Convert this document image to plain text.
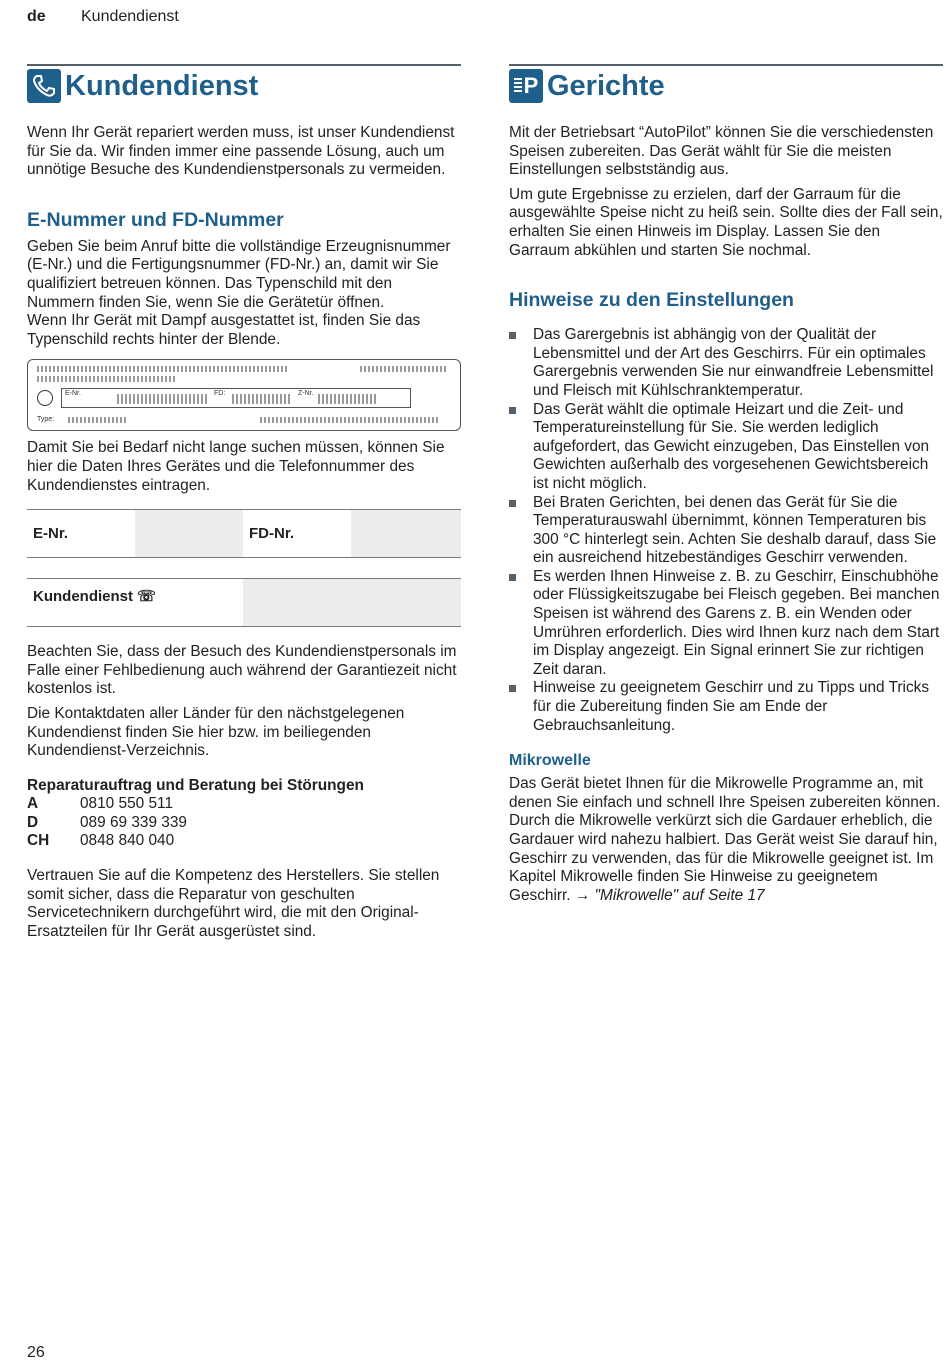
de Kundendienst
Kundendienst

Wenn Ihr Gerät repariert werden muss, ist unser Kundendienst für Sie da. Wir finden immer eine passende Lösung, auch um unnötige Besuche des Kundendienstpersonals zu vermeiden.

E-Nummer und FD-Nummer

Geben Sie beim Anruf bitte die vollständige Erzeugnisnummer (E-Nr.) und die Fertigungsnummer (FD-Nr.) an, damit wir Sie qualifiziert betreuen können. Das Typenschild mit den Nummern finden Sie, wenn Sie die Gerätetür öffnen.

Wenn Ihr Gerät mit Dampf ausgestattet ist, finden Sie das Typenschild rechts hinter der Blende.

E-Nr.	FD:	Z-Nr.
Type:

Damit Sie bei Bedarf nicht lange suchen müssen, können Sie hier die Daten Ihres Gerätes und die Telefonnummer des Kundendienstes eintragen.

E-Nr.	FD-Nr.
Kundendienst ☏

Beachten Sie, dass der Besuch des Kundendienstpersonals im Falle einer Fehlbedienung auch während der Garantiezeit nicht kostenlos ist.

Die Kontaktdaten aller Länder für den nächstgelegenen Kundendienst finden Sie hier bzw. im beiliegenden Kundendienst-Verzeichnis.

Reparaturauftrag und Beratung bei Störungen
A	0810 550 511
D	089 69 339 339
CH	0848 840 040

Vertrauen Sie auf die Kompetenz des Herstellers. Sie stellen somit sicher, dass die Reparatur von geschulten Servicetechnikern durchgeführt wird, die mit den Original-Ersatzteilen für Ihr Gerät ausgerüstet sind.

P Gerichte

Mit der Betriebsart “AutoPilot” können Sie die verschiedensten Speisen zubereiten. Das Gerät wählt für Sie die meisten Einstellungen selbstständig aus.

Um gute Ergebnisse zu erzielen, darf der Garraum für die ausgewählte Speise nicht zu heiß sein. Sollte dies der Fall sein, erhalten Sie einen Hinweis im Display. Lassen Sie den Garraum abkühlen und starten Sie nochmal.

Hinweise zu den Einstellungen
Das Garergebnis ist abhängig von der Qualität der Lebensmittel und der Art des Geschirrs. Für ein optimales Garergebnis verwenden Sie nur einwandfreie Lebensmittel und Fleisch mit Kühlschranktemperatur.
Das Gerät wählt die optimale Heizart und die Zeit- und Temperatureinstellung für Sie. Sie werden lediglich aufgefordert, das Gewicht einzugeben, Das Einstellen von Gewichten außerhalb des vorgesehenen Gewichtsbereich ist nicht möglich.
Bei Braten Gerichten, bei denen das Gerät für Sie die Temperaturauswahl übernimmt, können Temperaturen bis 300 °C hinterlegt sein. Achten Sie deshalb darauf, dass Sie ein ausreichend hitzebeständiges Geschirr verwenden.
Es werden Ihnen Hinweise z. B. zu Geschirr, Einschubhöhe oder Flüssigkeitszugabe bei Fleisch gegeben. Bei manchen Speisen ist während des Garens z. B. ein Wenden oder Umrühren erforderlich. Dies wird Ihnen kurz nach dem Start im Display angezeigt. Ein Signal erinnert Sie zur richtigen Zeit daran.
Hinweise zu geeignetem Geschirr und zu Tipps und Tricks für die Zubereitung finden Sie am Ende der Gebrauchsanleitung.
Mikrowelle

Das Gerät bietet Ihnen für die Mikrowelle Programme an, mit denen Sie einfach und schnell Ihre Speisen zubereiten können. Durch die Mikrowelle verkürzt sich die Gardauer erheblich, die Gardauer wird nahezu halbiert. Das Gerät weist Sie darauf hin, Geschirr zu verwenden, das für die Mikrowelle geeignet ist. Im Kapitel Mikrowelle finden Sie Hinweise zu geeignetem Geschirr. → "Mikrowelle" auf Seite 17

26
